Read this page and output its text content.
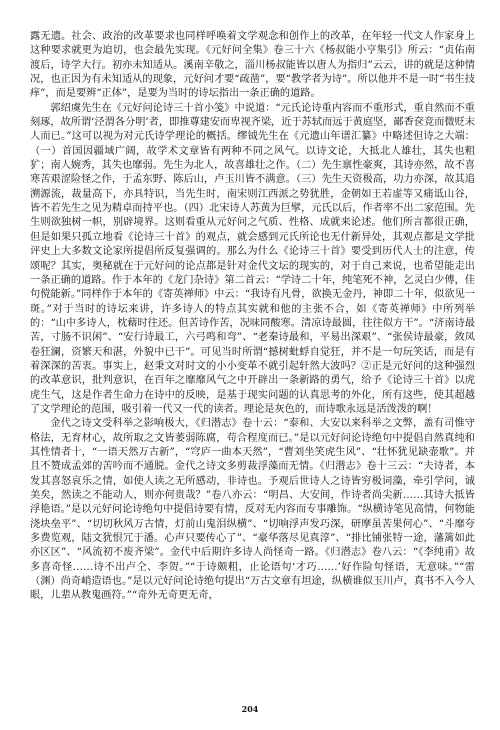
露无遗。社会、政治的改革要求也同样呼唤着文学观念和创作上的改革，在年轻一代文人作家身上这种要求就更为迫切，也会最先实现。《元好问全集》卷三十六《杨叔能小亨集引》所云：“贞佑南渡后，诗学大行。初亦未知适从。溪南辛敬之，淄川杨叔能皆以唐人为指归”云云，讲的就是这种情况，也正因为有未知适从的现象，元好问才要“疏凿”，要“教学者为诗”。所以他并不是一时“书生技痒”，而是要辨“正体”，是要为当时的诗坛指出一条正确的道路。

郭绍虞先生在《元好问论诗三十首小笺》中说道：“元氏论诗重内容而不重形式，重自然而不重刻琢，故所谓‘泾渭各分明’者，即推尊建安而卑视齐梁，近于苏轼而远于黄庭坚，鄙香奁竞而微贬末人而已。”这可以视为对元氏诗学理论的概括。缪钺先生在《元遗山年谱汇纂》中略述但诗之大端：（一）首国因疆域广阔，故学术文章皆有两种不同之风气。以诗文论，大抵北人雄壮，其失也粗犷；南人婉秀，其失也靡弱。先生为北人，故喜雄壮之作。（二）先生禀性豪爽，其诗亦然，故不喜寒苦艰涩险怪之作，于孟东野、陈后山，卢玉川皆不满意。（三）先生天资极高，功力亦深，故其追溯源流，裁量高下，亦具特识，当先生时，南宋则江西派之势犹胜，金朝如王若虚等又痛诋山谷，皆不若先生之见为精卓而持平也。（四）北宋诗人苏黄为巨擘，元氏以后，作者率不出二家范围。先生则欲独树一帜，别辟境界。这则看重从元好问之气质、性格、成就来论述。他们所言都很正确，但是如果只孤立地看《论诗三十首》的观点，就会感到元氏所论也无什新异处，其观点都是文学批评史上大多数文论家所提倡所反复强调的。那么为什么《论诗三十首》要受到历代人士的注意，传颂呢？其实，奥秘就在于元好问的论点都是针对金代文坛的现实的，对于自己来说，也希望能走出一条正确的道路。作于本年的《龙门杂诗》第二首云：“学诗二十年，纯笔死不神，乞灵白少傅，佳句傥能新。”同样作于本年的《寄英禅师》中云：“我诗有凡骨，欲换无金丹，神即二十年，似欲见一斑。”对于当时的诗坛来讲，许多诗人的特点其实就和他的主张不合，如《寄英禅师》中所列举的：“山中多诗人，枕藉时往还。但苦诗作苦，况味同酸寒。清凉诗最圆，往往似方干”。“济南诗最苦，寸肠不识闲”、“安行诗最工，六弓鸣和弯”、“老秦诗最和，平易出深艰”、“张侯诗最豪，敛凤卷狂澜，资繁天和湛，外貌中已干”。可见当时所谓“撼树蚍蜉自觉狂，并不是一句玩笑话，而是有着深深的苦衷。事实上，赵秉文对时文的小小变革不就引起轩然大波吗？②正是元好问的这种强烈的改革意识，批判意识，在百年之靡靡风气之中开辟出一条新路的勇气，给予《论诗三十首》以虎虎生气，这是作者生命力在诗中的反映，是基于现实问题的认真思考的外化，所有这些，使其超越了文学理论的范围，吸引着一代又一代的读者。理论是灰色的，而诗歌永远是活泼泼的啊！

金代之诗文受科举之影响极大，《归潜志》卷十云：“泰和、大安以来科举之文弊，盖有司惟守格法，无育材心，故所取之文皆萎弱陈腐，苟合程度而已。”是以元好问论诗绝句中提倡自然真纯和其性情者十，“一语天然万古新”，“穹庐一曲本天然”，“曹刘坐笑虎生风”、“壮怀犹见缺壶歌”。并且不赞成孟郊的苦吟而不通脱。金代之诗文多剪裁浮藻而无情。《归潜志》卷十三云：“夫诗者，本发其喜怒哀乐之情，如使人读之无所感动，非诗也。予观后世诗人之诗皆穷极词藻，牵引学问，诚美矣，然读之不能动人，则亦何贵哉？”卷八亦云：“明昌、大安间，作诗者尚尖新……其诗大抵皆浮艳语。”是以元好问论诗绝句中提倡诗要有情，反对无内容而专事雕饰。“纵横诗笔见高情，何物能浇块垒平”、“切切秋风万古情，灯前山鬼泪纵横”、“切响浮声发巧深，研摩虽苦果何心”、“斗靡夸多费览观，陆文犹恨冗于潘。心声只要传心了”、“豪华落尽见真淳”、“排比铺张特一途，藩篱如此亦区区”、“风流初不废齐梁”。金代中后期许多诗人尚怪奇一路。《归潜志》卷八云：“《李纯甫》故多喜奇怪……诗不出卢仝、李贺。”“于诗颇粗，止论语句‘才巧……’好作险句怪语，无意味。”“雷（渊）尚奇峭造语也。”是以元好问论诗绝句提出“万古文章有坦途，纵横谁似玉川卢，真书不入今人眼，儿辈从教鬼画符。”“奇外无奇更无奇，

204
